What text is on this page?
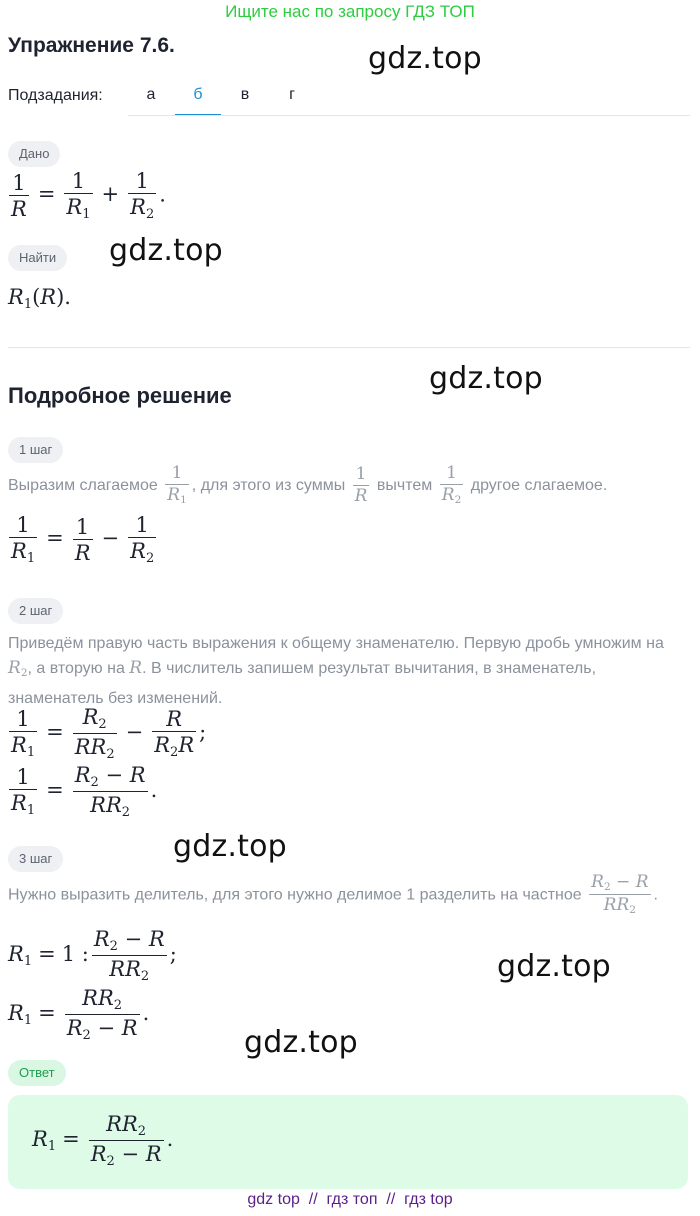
Ищите нас по запросу ГДЗ ТОП
gdz.top
gdz.top
gdz.top
gdz.top
gdz.top
gdz.top
Упражнение 7.6.
Подзадания:	а	б	в	г
Дано
$\frac{1}{R} = \frac{1}{R_1} + \frac{1}{R_2}$ .
Найти
$R_1(R)$.
Подробное решение
1 шаг
Выразим слагаемое $\frac{1}{R_1}$ , для этого из суммы $\frac{1}{R}$ вычтем $\frac{1}{R_2}$ другое слагаемое.
$\frac{1}{R_1} = \frac{1}{R} - \frac{1}{R_2}$
2 шаг
Приведём правую часть выражения к общему знаменателю. Первую дробь умножим на
$R_2$, а вторую на R. В числитель запишем результат вычитания, в знаменатель,
знаменатель без изменений.
$\frac{1}{R_1} = \frac{R_2}{RR_2} - \frac{R}{R_2R}$ ;
$\frac{1}{R_1} = \frac{R_2 - R}{RR_2}$ .
3 шаг
Нужно выразить делитель, для этого нужно делимое 1 разделить на частное $\frac{R_2 - R}{RR_2}$ .
$R_1 = 1$ : $\frac{R_2 - R}{RR_2}$ ;
$R_1 = \frac{RR_2}{R_2 - R}$ .
Ответ
$R_1 = \frac{RR_2}{R_2 - R}$ .
gdz top  //  гдз топ  //  гдз top
